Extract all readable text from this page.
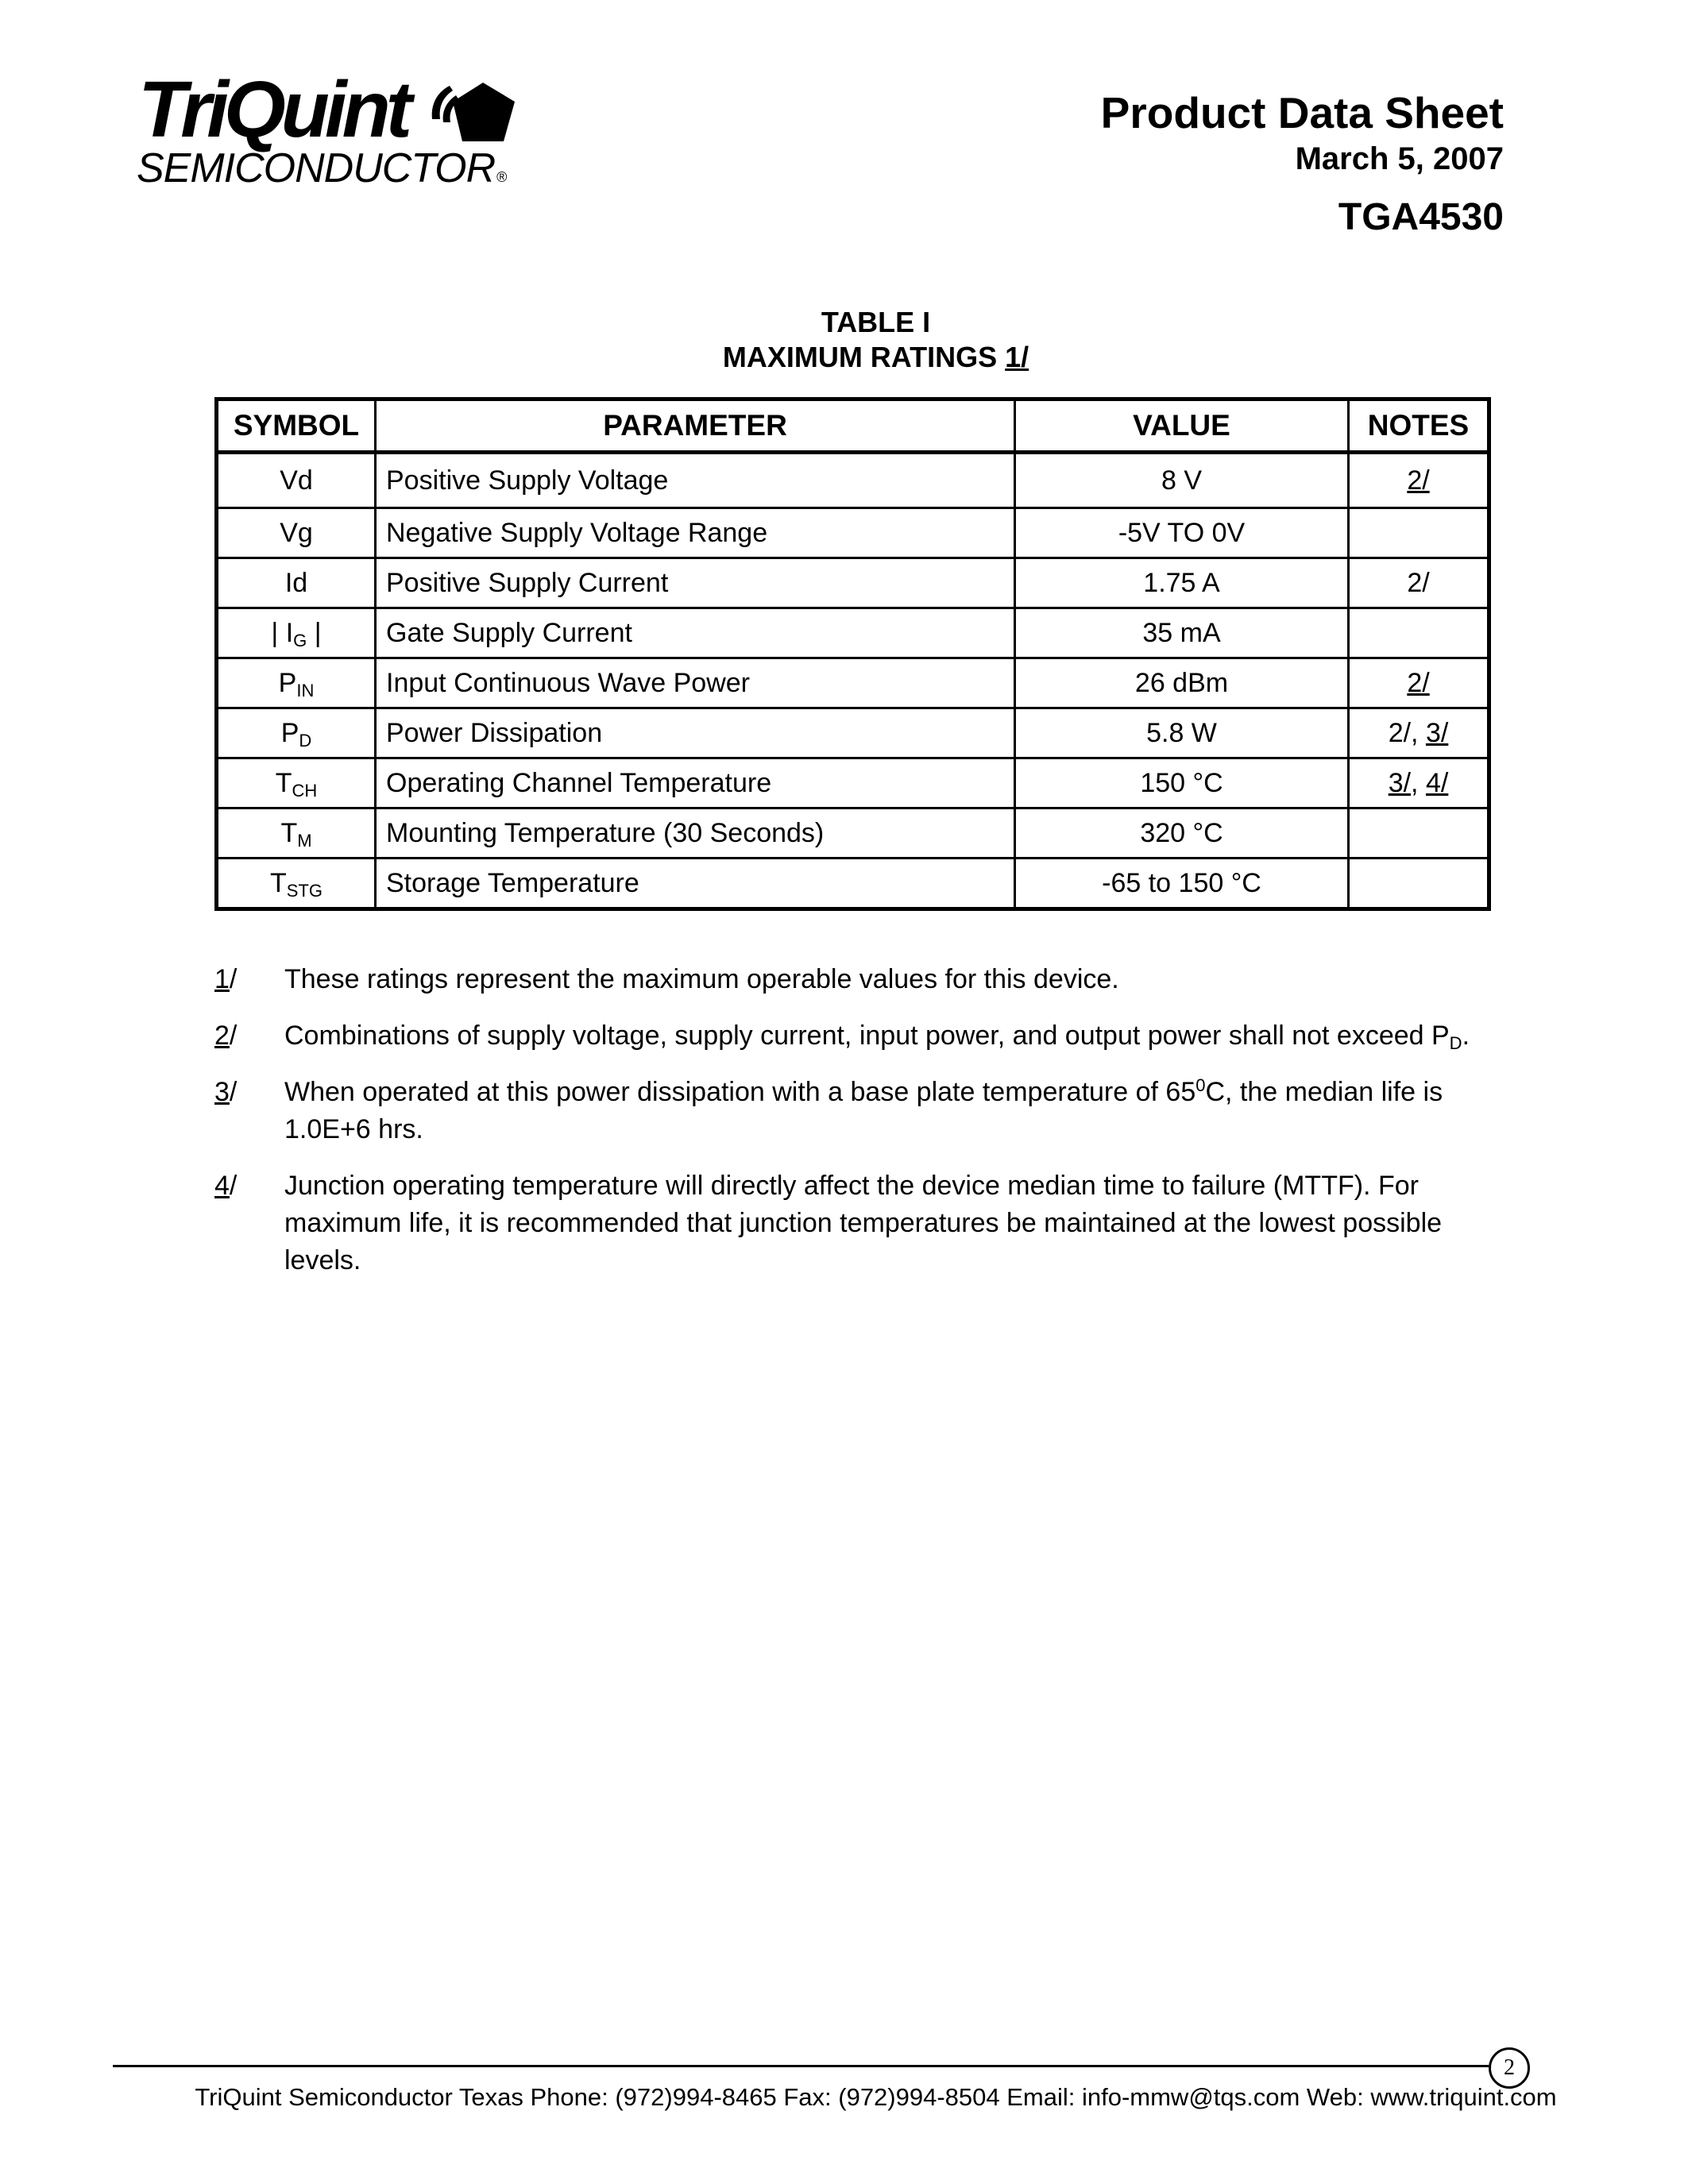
TriQuint
SEMICONDUCTOR ®
Product Data Sheet
March 5, 2007
TGA4530
TABLE I
MAXIMUM RATINGS 1/
SYMBOL	PARAMETER	VALUE	NOTES
Vd	Positive Supply Voltage	8 V	2/
Vg	Negative Supply Voltage Range	-5V TO 0V	
Id	Positive Supply Current	1.75 A	2/
| $I_G$ |	Gate Supply Current	35 mA	
$P_{IN}$	Input Continuous Wave Power	26 dBm	2/
$P_D$	Power Dissipation	5.8 W	2/, 3/
$T_{CH}$	Operating Channel Temperature	150 °C	3/, 4/
$T_M$	Mounting Temperature (30 Seconds)	320 °C	
$T_{STG}$	Storage Temperature	-65 to 150 °C	
1/ These ratings represent the maximum operable values for this device.
2/ Combinations of supply voltage, supply current, input power, and output power shall not exceed $P_D$.
3/ When operated at this power dissipation with a base plate temperature of $65^0C$, the median life is 1.0E+6 hrs.
4/ Junction operating temperature will directly affect the device median time to failure (MTTF). For maximum life, it is recommended that junction temperatures be maintained at the lowest possible levels.
2
TriQuint Semiconductor Texas Phone: (972)994-8465 Fax: (972)994-8504 Email: info-mmw@tqs.com Web: www.triquint.com
